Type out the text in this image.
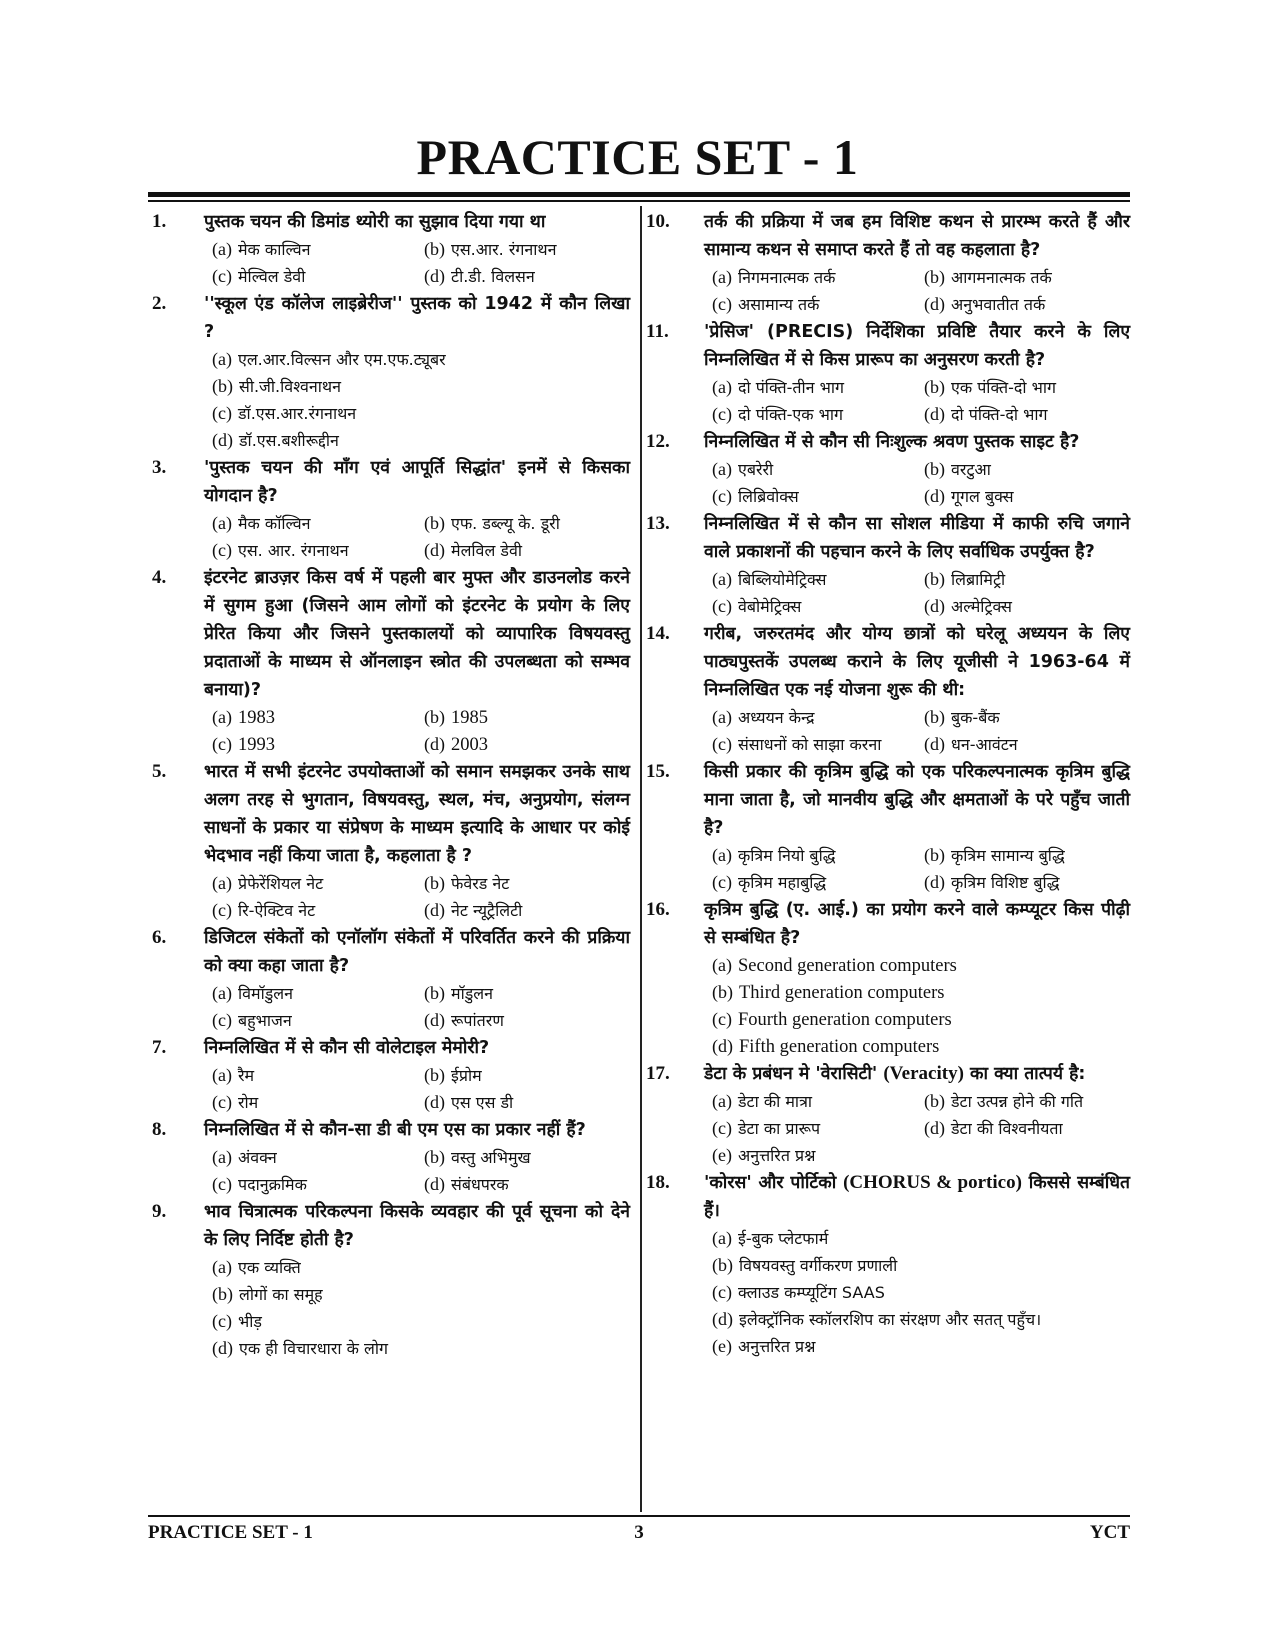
PRACTICE SET - 1
1. पुस्तक चयन की डिमांड थ्योरी का सुझाव दिया गया था
(a) मेक काल्विन	(b) एस.आर. रंगनाथन
(c) मेल्विल डेवी	(d) टी.डी. विलसन
2. ''स्कूल एंड कॉलेज लाइब्रेरीज'' पुस्तक को 1942 में कौन लिखा ?
(a) एल.आर.विल्सन और एम.एफ.ट्यूबर
(b) सी.जी.विश्वनाथन
(c) डॉ.एस.आर.रंगनाथन
(d) डॉ.एस.बशीरूद्दीन
3. 'पुस्तक चयन की माँग एवं आपूर्ति सिद्धांत' इनमें से किसका योगदान है?
(a) मैक कॉल्विन	(b) एफ. डब्ल्यू के. डूरी
(c) एस. आर. रंगनाथन	(d) मेलविल डेवी
4. इंटरनेट ब्राउज़र किस वर्ष में पहली बार मुफ्त और डाउनलोड करने में सुगम हुआ (जिसने आम लोगों को इंटरनेट के प्रयोग के लिए प्रेरित किया और जिसने पुस्तकालयों को व्यापारिक विषयवस्तु प्रदाताओं के माध्यम से ऑनलाइन स्त्रोत की उपलब्धता को सम्भव बनाया)?
(a) 1983	(b) 1985
(c) 1993	(d) 2003
5. भारत में सभी इंटरनेट उपयोक्ताओं को समान समझकर उनके साथ अलग तरह से भुगतान, विषयवस्तु, स्थल, मंच, अनुप्रयोग, संलग्न साधनों के प्रकार या संप्रेषण के माध्यम इत्यादि के आधार पर कोई भेदभाव नहीं किया जाता है, कहलाता है ?
(a) प्रेफेरेंशियल नेट	(b) फेवेरड नेट
(c) रि-ऐक्टिव नेट	(d) नेट न्यूट्रैलिटी
6. डिजिटल संकेतों को एनॉलॉग संकेतों में परिवर्तित करने की प्रक्रिया को क्या कहा जाता है?
(a) विमॉडुलन	(b) मॉडुलन
(c) बहुभाजन	(d) रूपांतरण
7. निम्नलिखित में से कौन सी वोलेटाइल मेमोरी?
(a) रैम	(b) ईप्रोम
(c) रोम	(d) एस एस डी
8. निम्नलिखित में से कौन-सा डी बी एम एस का प्रकार नहीं हैं?
(a) अंवक्न	(b) वस्तु अभिमुख
(c) पदानुक्रमिक	(d) संबंधपरक
9. भाव चित्रात्मक परिकल्पना किसके व्यवहार की पूर्व सूचना को देने के लिए निर्दिष्ट होती है?
(a) एक व्यक्ति
(b) लोगों का समूह
(c) भीड़
(d) एक ही विचारधारा के लोग
10. तर्क की प्रक्रिया में जब हम विशिष्ट कथन से प्रारम्भ करते हैं और सामान्य कथन से समाप्त करते हैं तो वह कहलाता है?
(a) निगमनात्मक तर्क	(b) आगमनात्मक तर्क
(c) असामान्य तर्क	(d) अनुभवातीत तर्क
11. 'प्रेसिज' (PRECIS) निर्देशिका प्रविष्टि तैयार करने के लिए निम्नलिखित में से किस प्रारूप का अनुसरण करती है?
(a) दो पंक्ति-तीन भाग	(b) एक पंक्ति-दो भाग
(c) दो पंक्ति-एक भाग	(d) दो पंक्ति-दो भाग
12. निम्नलिखित में से कौन सी निःशुल्क श्रवण पुस्तक साइट है?
(a) एबरेरी	(b) वरटुआ
(c) लिब्रिवोक्स	(d) गूगल बुक्स
13. निम्नलिखित में से कौन सा सोशल मीडिया में काफी रुचि जगाने वाले प्रकाशनों की पहचान करने के लिए सर्वाधिक उपर्युक्त है?
(a) बिब्लियोमेट्रिक्स	(b) लिब्रामिट्री
(c) वेबोमेट्रिक्स	(d) अल्मेट्रिक्स
14. गरीब, जरुरतमंद और योग्य छात्रों को घरेलू अध्ययन के लिए पाठ्यपुस्तकें उपलब्ध कराने के लिए यूजीसी ने 1963-64 में निम्नलिखित एक नई योजना शुरू की थी:
(a) अध्ययन केन्द्र	(b) बुक-बैंक
(c) संसाधनों को साझा करना	(d) धन-आवंटन
15. किसी प्रकार की कृत्रिम बुद्धि को एक परिकल्पनात्मक कृत्रिम बुद्धि माना जाता है, जो मानवीय बुद्धि और क्षमताओं के परे पहुँच जाती है?
(a) कृत्रिम नियो बुद्धि	(b) कृत्रिम सामान्य बुद्धि
(c) कृत्रिम महाबुद्धि	(d) कृत्रिम विशिष्ट बुद्धि
16. कृत्रिम बुद्धि (ए. आई.) का प्रयोग करने वाले कम्प्यूटर किस पीढ़ी से सम्बंधित है?
(a) Second generation computers
(b) Third generation computers
(c) Fourth generation computers
(d) Fifth generation computers
17. डेटा के प्रबंधन मे 'वेरासिटी' (Veracity) का क्या तात्पर्य है:
(a) डेटा की मात्रा	(b) डेटा उत्पन्न होने की गति
(c) डेटा का प्रारूप	(d) डेटा की विश्वनीयता
(e) अनुत्तरित प्रश्न
18. 'कोरस' और पोर्टिको (CHORUS & portico) किससे सम्बंधित हैं।
(a) ई-बुक प्लेटफार्म
(b) विषयवस्तु वर्गीकरण प्रणाली
(c) क्लाउड कम्प्यूटिंग SAAS
(d) इलेक्ट्रॉनिक स्कॉलरशिप का संरक्षण और सतत् पहुँच।
(e) अनुत्तरित प्रश्न
3
PRACTICE SET - 1	YCT
